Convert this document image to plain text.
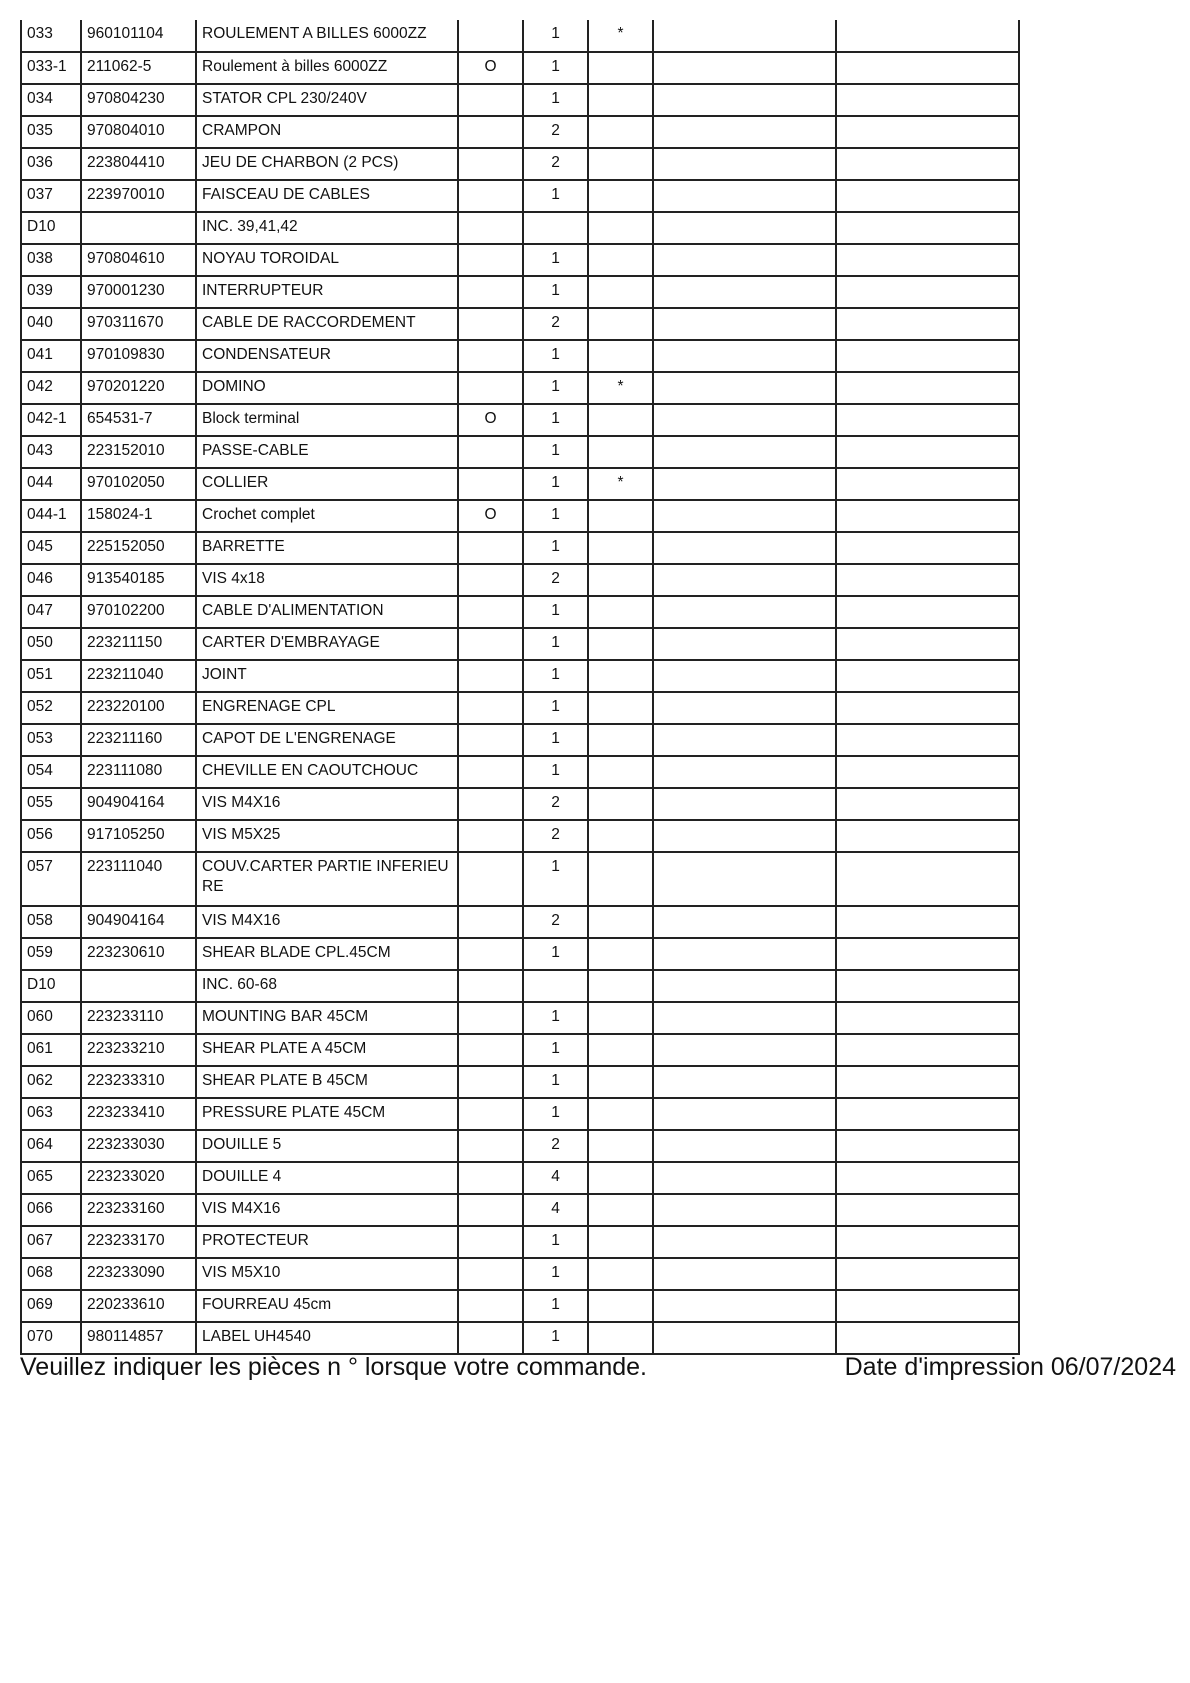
033	960101104	ROULEMENT A BILLES 6000ZZ		1	*		
033-1	211062-5	Roulement à billes 6000ZZ	O	1			
034	970804230	STATOR CPL 230/240V		1			
035	970804010	CRAMPON		2			
036	223804410	JEU DE CHARBON (2 PCS)		2			
037	223970010	FAISCEAU DE CABLES		1			
D10		INC. 39,41,42					
038	970804610	NOYAU TOROIDAL		1			
039	970001230	INTERRUPTEUR		1			
040	970311670	CABLE DE RACCORDEMENT		2			
041	970109830	CONDENSATEUR		1			
042	970201220	DOMINO		1	*		
042-1	654531-7	Block terminal	O	1			
043	223152010	PASSE-CABLE		1			
044	970102050	COLLIER		1	*		
044-1	158024-1	Crochet complet	O	1			
045	225152050	BARRETTE		1			
046	913540185	VIS 4x18		2			
047	970102200	CABLE D'ALIMENTATION		1			
050	223211150	CARTER D'EMBRAYAGE		1			
051	223211040	JOINT		1			
052	223220100	ENGRENAGE CPL		1			
053	223211160	CAPOT DE L'ENGRENAGE		1			
054	223111080	CHEVILLE EN CAOUTCHOUC		1			
055	904904164	VIS M4X16		2			
056	917105250	VIS M5X25		2			
057	223111040	COUV.CARTER PARTIE INFERIEURE		1			
058	904904164	VIS M4X16		2			
059	223230610	SHEAR BLADE CPL.45CM		1			
D10		INC. 60-68					
060	223233110	MOUNTING BAR 45CM		1			
061	223233210	SHEAR PLATE A 45CM		1			
062	223233310	SHEAR PLATE B 45CM		1			
063	223233410	PRESSURE PLATE 45CM		1			
064	223233030	DOUILLE 5		2			
065	223233020	DOUILLE 4		4			
066	223233160	VIS M4X16		4			
067	223233170	PROTECTEUR		1			
068	223233090	VIS M5X10		1			
069	220233610	FOURREAU 45cm		1			
070	980114857	LABEL UH4540		1			
Veuillez indiquer les pièces n ° lorsque votre commande.	Date d'impression 06/07/2024
